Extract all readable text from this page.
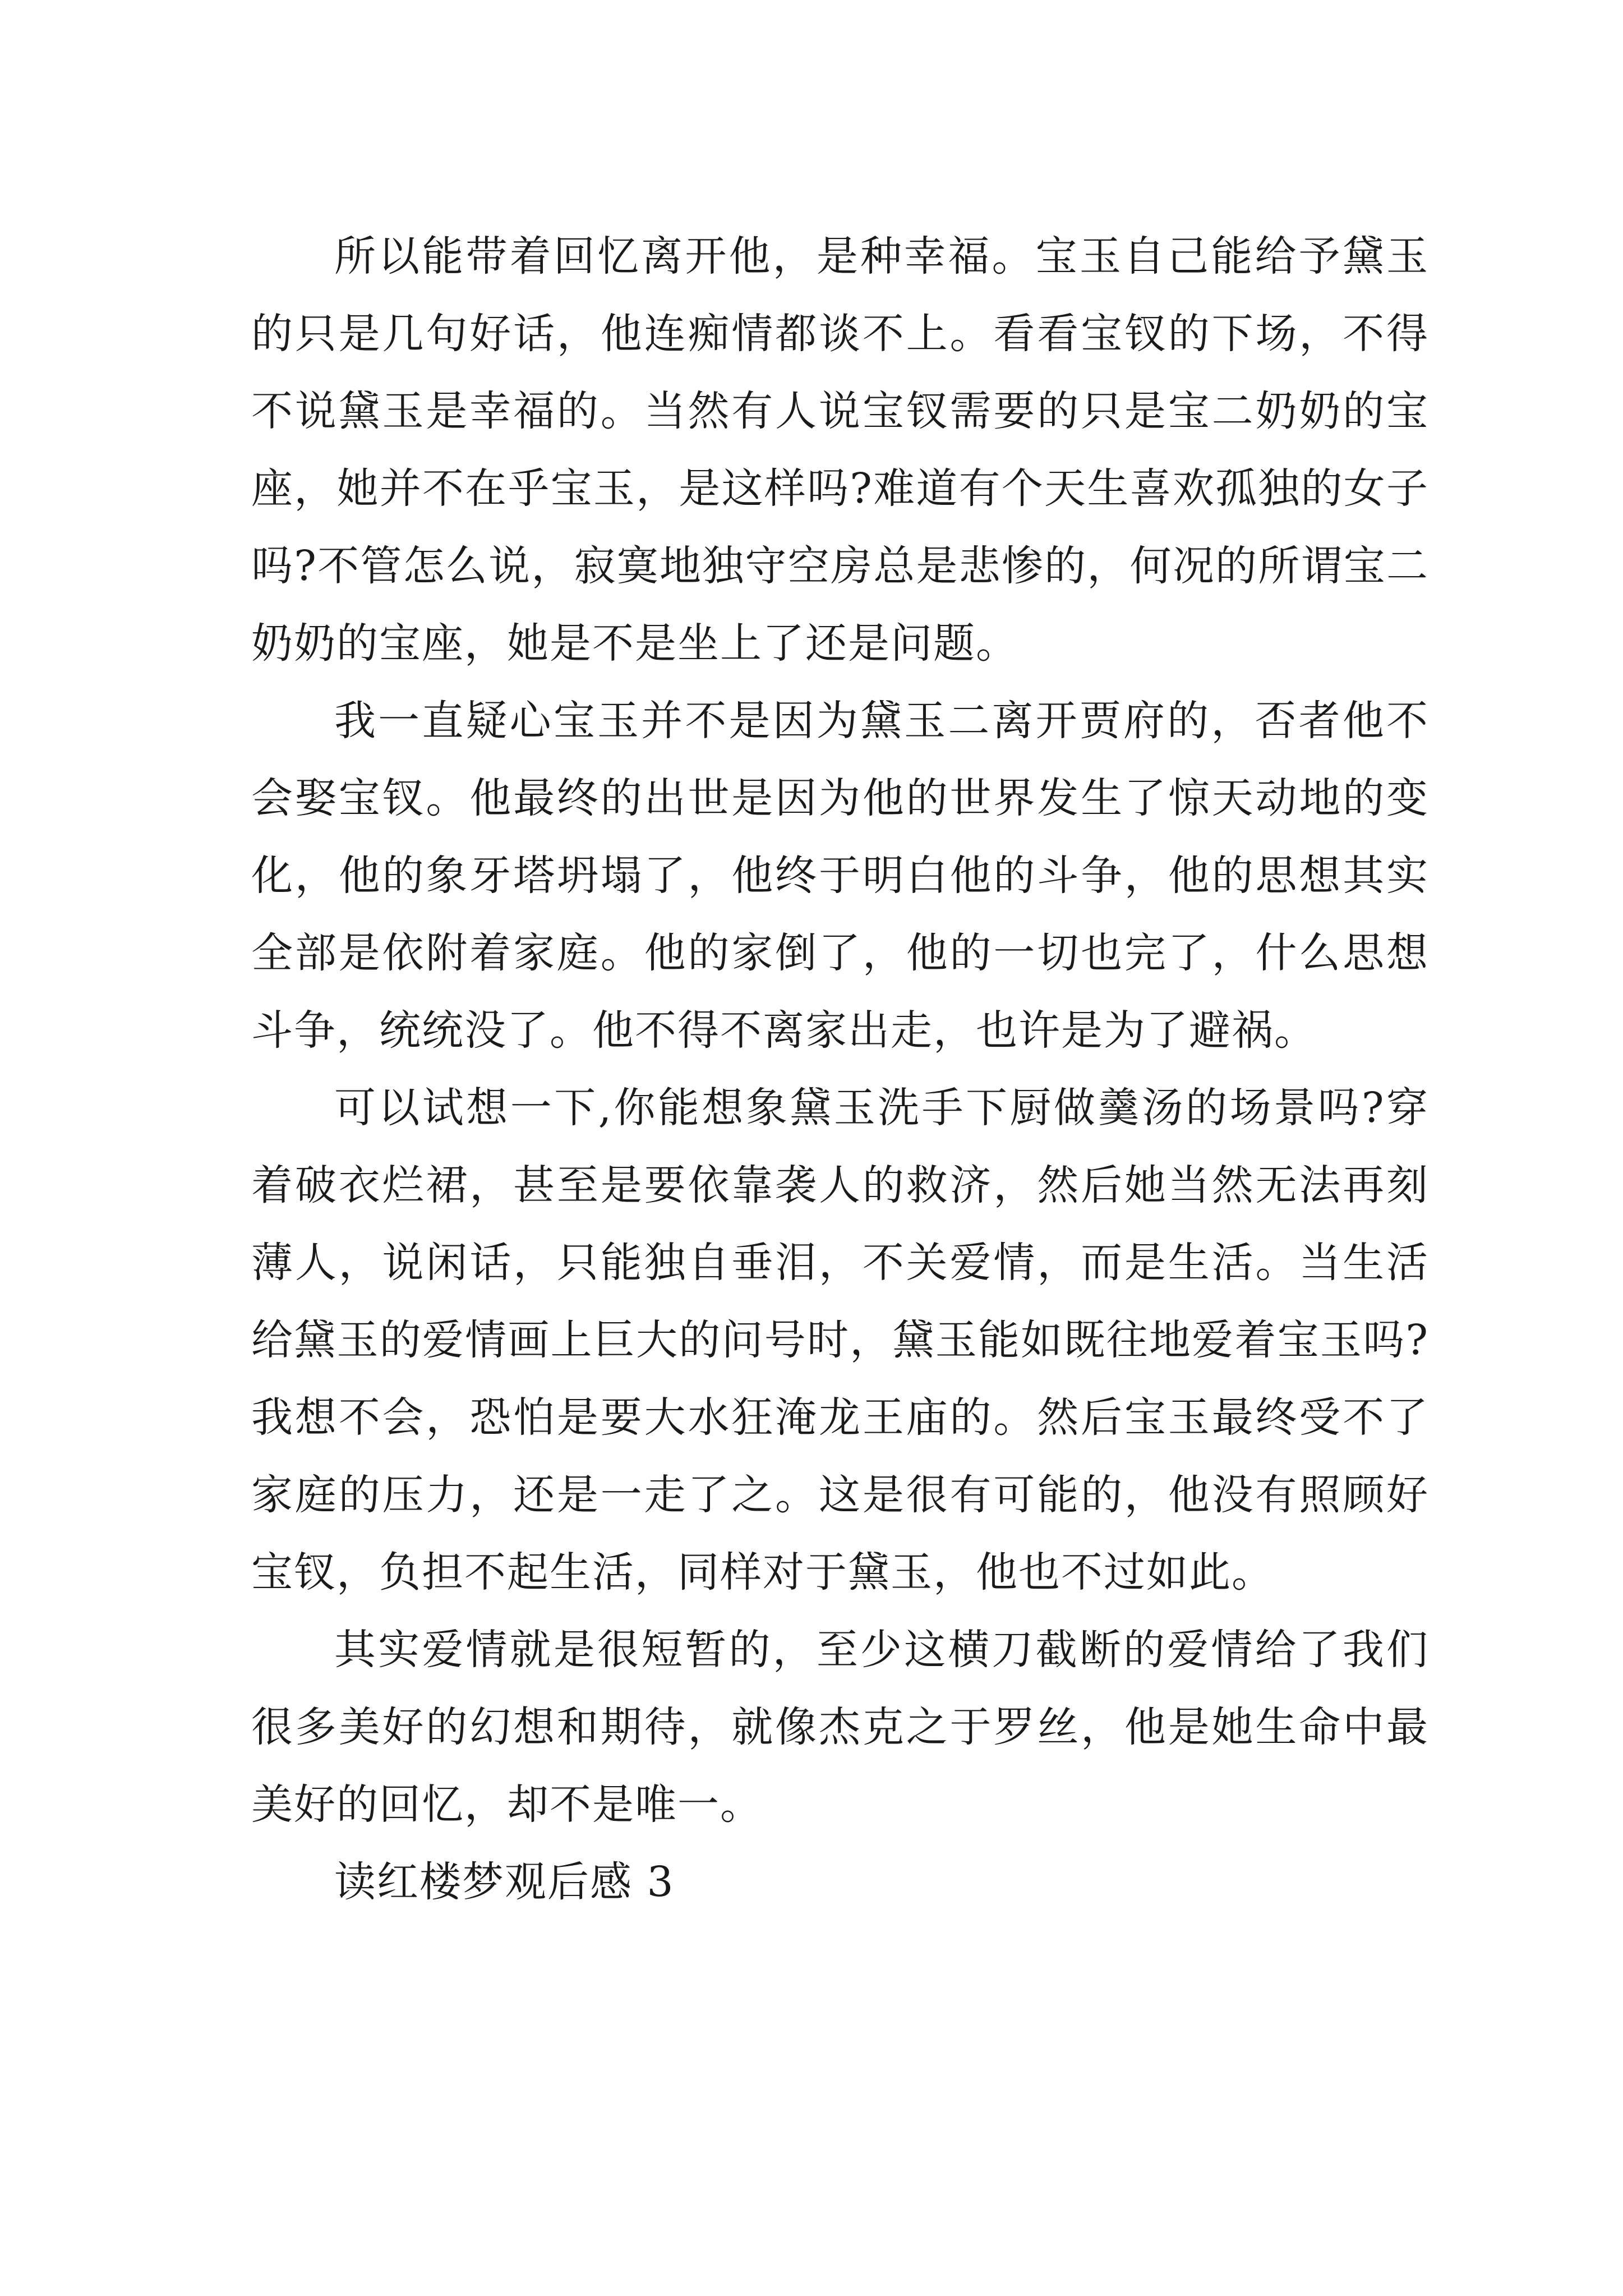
所以能带着回忆离开他，是种幸福。宝玉自己能给予黛玉的只是几句好话，他连痴情都谈不上。看看宝钗的下场，不得不说黛玉是幸福的。当然有人说宝钗需要的只是宝二奶奶的宝座，她并不在乎宝玉，是这样吗?难道有个天生喜欢孤独的女子吗?不管怎么说，寂寞地独守空房总是悲惨的，何况的所谓宝二奶奶的宝座，她是不是坐上了还是问题。

我一直疑心宝玉并不是因为黛玉二离开贾府的，否者他不会娶宝钗。他最终的出世是因为他的世界发生了惊天动地的变化，他的象牙塔坍塌了，他终于明白他的斗争，他的思想其实全部是依附着家庭。他的家倒了，他的一切也完了，什么思想斗争，统统没了。他不得不离家出走，也许是为了避祸。

可以试想一下,你能想象黛玉洗手下厨做羹汤的场景吗?穿着破衣烂裙，甚至是要依靠袭人的救济，然后她当然无法再刻薄人，说闲话，只能独自垂泪，不关爱情，而是生活。当生活给黛玉的爱情画上巨大的问号时，黛玉能如既往地爱着宝玉吗?我想不会，恐怕是要大水狂淹龙王庙的。然后宝玉最终受不了家庭的压力，还是一走了之。这是很有可能的，他没有照顾好宝钗，负担不起生活，同样对于黛玉，他也不过如此。

其实爱情就是很短暂的，至少这横刀截断的爱情给了我们很多美好的幻想和期待，就像杰克之于罗丝，他是她生命中最美好的回忆，却不是唯一。

读红楼梦观后感 3
